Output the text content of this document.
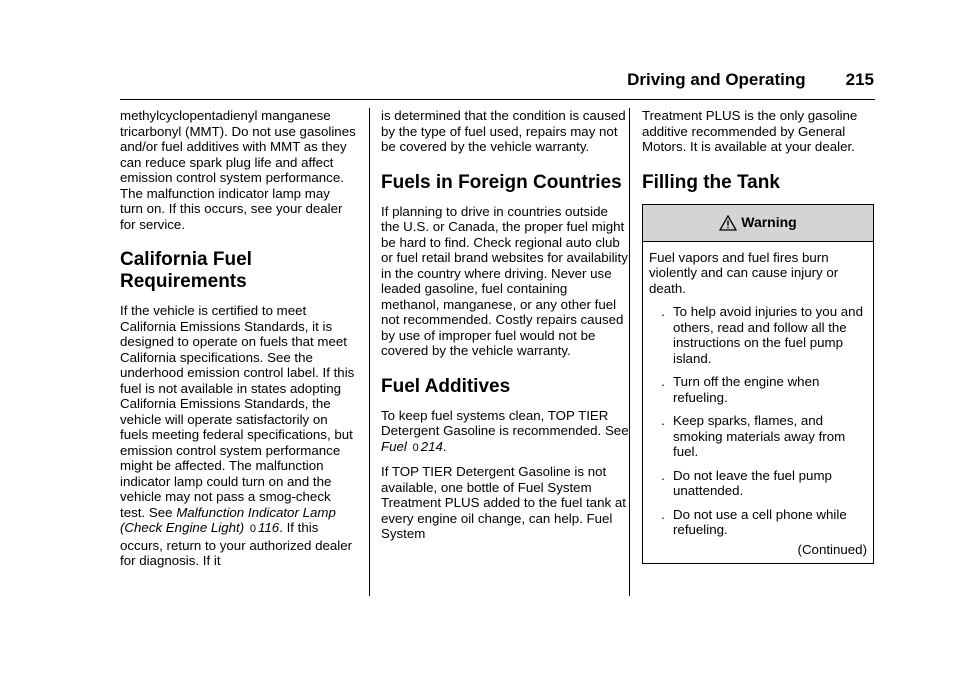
Driving and Operating 215

methylcyclopentadienyl manganese tricarbonyl (MMT). Do not use gasolines and/or fuel additives with MMT as they can reduce spark plug life and affect emission control system performance. The malfunction indicator lamp may turn on. If this occurs, see your dealer for service.

California Fuel Requirements

If the vehicle is certified to meet California Emissions Standards, it is designed to operate on fuels that meet California specifications. See the underhood emission control label. If this fuel is not available in states adopting California Emissions Standards, the vehicle will operate satisfactorily on fuels meeting federal specifications, but emission control system performance might be affected. The malfunction indicator lamp could turn on and the vehicle may not pass a smog-check test. See Malfunction Indicator Lamp (Check Engine Light) 0 116. If this occurs, return to your authorized dealer for diagnosis. If it

is determined that the condition is caused by the type of fuel used, repairs may not be covered by the vehicle warranty.

Fuels in Foreign Countries

If planning to drive in countries outside the U.S. or Canada, the proper fuel might be hard to find. Check regional auto club or fuel retail brand websites for availability in the country where driving. Never use leaded gasoline, fuel containing methanol, manganese, or any other fuel not recommended. Costly repairs caused by use of improper fuel would not be covered by the vehicle warranty.

Fuel Additives

To keep fuel systems clean, TOP TIER Detergent Gasoline is recommended. See Fuel 0 214.

If TOP TIER Detergent Gasoline is not available, one bottle of Fuel System Treatment PLUS added to the fuel tank at every engine oil change, can help. Fuel System

Treatment PLUS is the only gasoline additive recommended by General Motors. It is available at your dealer.

Filling the Tank
Warning
Fuel vapors and fuel fires burn violently and can cause injury or death.
. To help avoid injuries to you and others, read and follow all the instructions on the fuel pump island.
. Turn off the engine when refueling.
. Keep sparks, flames, and smoking materials away from fuel.
. Do not leave the fuel pump unattended.
. Do not use a cell phone while refueling.
(Continued)
